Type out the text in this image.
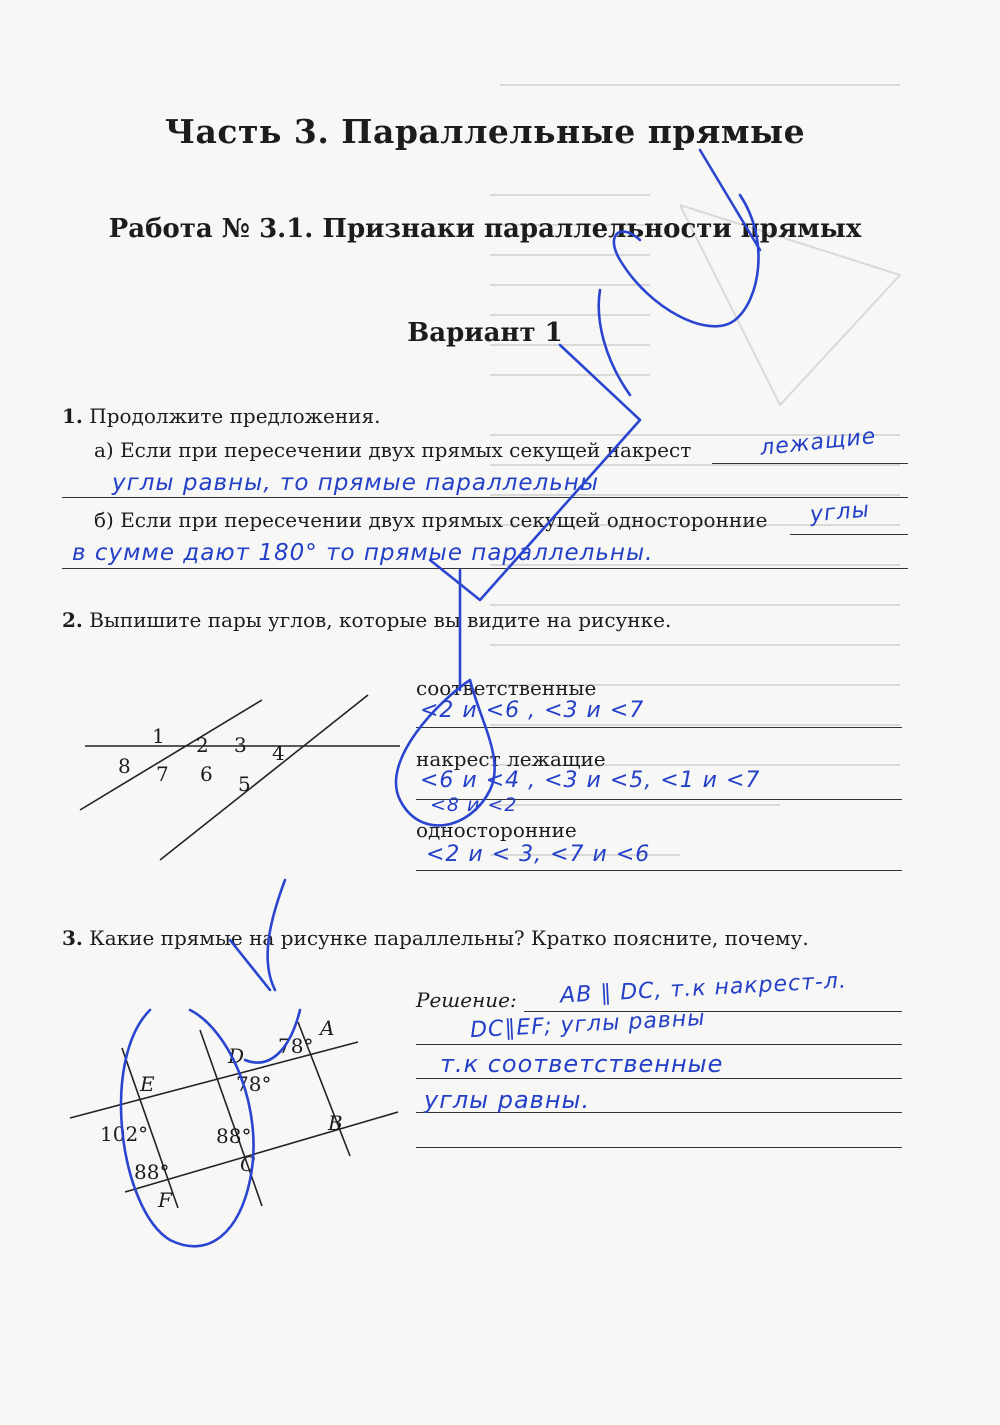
Часть 3. Параллельные прямые
Работа № 3.1. Признаки параллельности прямых
Вариант 1
1. Продолжите предложения.
а) Если при пересечении двух прямых секущей накрест	лежащие
углы равны, то прямые параллельны
б) Если при пересечении двух прямых секущей односторонние углы
в сумме дают 180° то прямые параллельны.
2. Выпишите пары углов, которые вы видите на рисунке.
1 2 3 4
8 7 6 5
соответственные
<2 и <6 , <3 и <7
накрест лежащие
<6 и <4 , <3 и <5, <1 и <7
<8 и <2
односторонние
<2 и < 3, <7 и <6
3. Какие прямые на рисунке параллельны? Кратко поясните, почему.
A
B
C
D
E
F
78°
78°
88°
102°
88°
Решение: AB ∥ DC, т.к накрест-л.
DC∥EF; углы равны
т.к соответственные
углы равны.
